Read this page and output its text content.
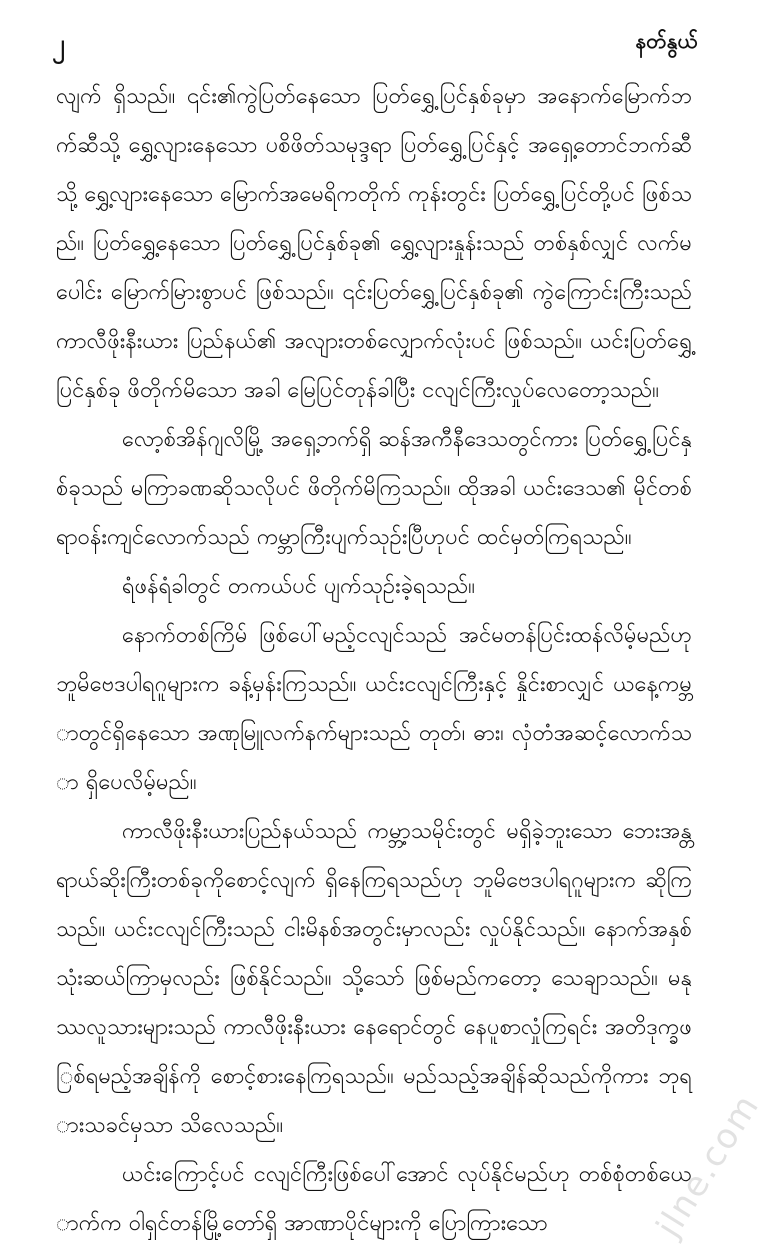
၂	နတ်နွယ်

လျက် ရှိသည်။ ၎င်း၏ကွဲပြတ်နေသော ပြတ်ရွှေ့ပြင်နှစ်ခုမှာ အနောက်မြောက်ဘက်ဆီသို့ ရွှေ့လျားနေသော ပစိဖိတ်သမုဒ္ဒရာ ပြတ်ရွှေ့ပြင်နှင့် အရှေ့တောင်ဘက်ဆီသို့ ရွှေ့လျားနေသော မြောက်အမေရိကတိုက် ကုန်းတွင်း ပြတ်ရွှေ့ပြင်တို့ပင် ဖြစ်သည်။ ပြတ်ရွှေ့နေသော ပြတ်ရွှေ့ပြင်နှစ်ခု၏ ရွှေ့လျားနှုန်းသည် တစ်နှစ်လျှင် လက်မပေါင်း မြောက်မြားစွာပင် ဖြစ်သည်။ ၎င်းပြတ်ရွှေ့ပြင်နှစ်ခု၏ ကွဲကြောင်းကြီးသည် ကာလီဖိုးနီးယား ပြည်နယ်၏ အလျားတစ်လျှောက်လုံးပင် ဖြစ်သည်။ ယင်းပြတ်ရွှေ့ပြင်နှစ်ခု ဖိတိုက်မိသော အခါ မြေပြင်တုန်ခါပြီး ငလျင်ကြီးလှုပ်လေတော့သည်။

လော့စ်အိန်ဂျလိမြို့ အရှေ့ဘက်ရှိ ဆန်အကီနီဒေသတွင်ကား ပြတ်ရွှေ့ပြင်နှစ်ခုသည် မကြာခဏဆိုသလိုပင် ဖိတိုက်မိကြသည်။ ထိုအခါ ယင်းဒေသ၏ မိုင်တစ်ရာဝန်းကျင်လောက်သည် ကမ္ဘာကြီးပျက်သုဉ်းပြီဟုပင် ထင်မှတ်ကြရသည်။

ရံဖန်ရံခါတွင် တကယ်ပင် ပျက်သုဉ်းခဲ့ရသည်။

နောက်တစ်ကြိမ် ဖြစ်ပေါ်မည့်ငလျင်သည် အင်မတန်ပြင်းထန်လိမ့်မည်ဟု ဘူမိဗေဒပါရဂူများက ခန့်မှန်းကြသည်။ ယင်းငလျင်ကြီးနှင့် နှိုင်းစာလျှင် ယနေ့ကမ္ဘာတွင်ရှိနေသော အဏုမြူလက်နက်များသည် တုတ်၊ ဓား၊ လှံတံအဆင့်လောက်သာ ရှိပေလိမ့်မည်။

ကာလီဖိုးနီးယားပြည်နယ်သည် ကမ္ဘာ့သမိုင်းတွင် မရှိခဲ့ဘူးသော ဘေးအန္တရာယ်ဆိုးကြီးတစ်ခုကိုစောင့်လျက် ရှိနေကြရသည်ဟု ဘူမိဗေဒပါရဂူများက ဆိုကြသည်။ ယင်းငလျင်ကြီးသည် ငါးမိနစ်အတွင်းမှာလည်း လှုပ်နိုင်သည်။ နောက်အနှစ်သုံးဆယ်ကြာမှလည်း ဖြစ်နိုင်သည်။ သို့သော် ဖြစ်မည်ကတော့ သေချာသည်။ မနုဿလူသားများသည် ကာလီဖိုးနီးယား နေရောင်တွင် နေပူစာလှုံကြရင်း အတိဒုက္ခဖြစ်ရမည့်အချိန်ကို စောင့်စားနေကြရသည်။ မည်သည့်အချိန်ဆိုသည်ကိုကား ဘုရားသခင်မှသာ သိလေသည်။

ယင်းကြောင့်ပင် ငလျင်ကြီးဖြစ်ပေါ်အောင် လုပ်နိုင်မည်ဟု တစ်စုံတစ်ယောက်က ဝါရှင်တန်မြို့တော်ရှိ အာဏာပိုင်များကို ပြောကြားသော	jlne.com
